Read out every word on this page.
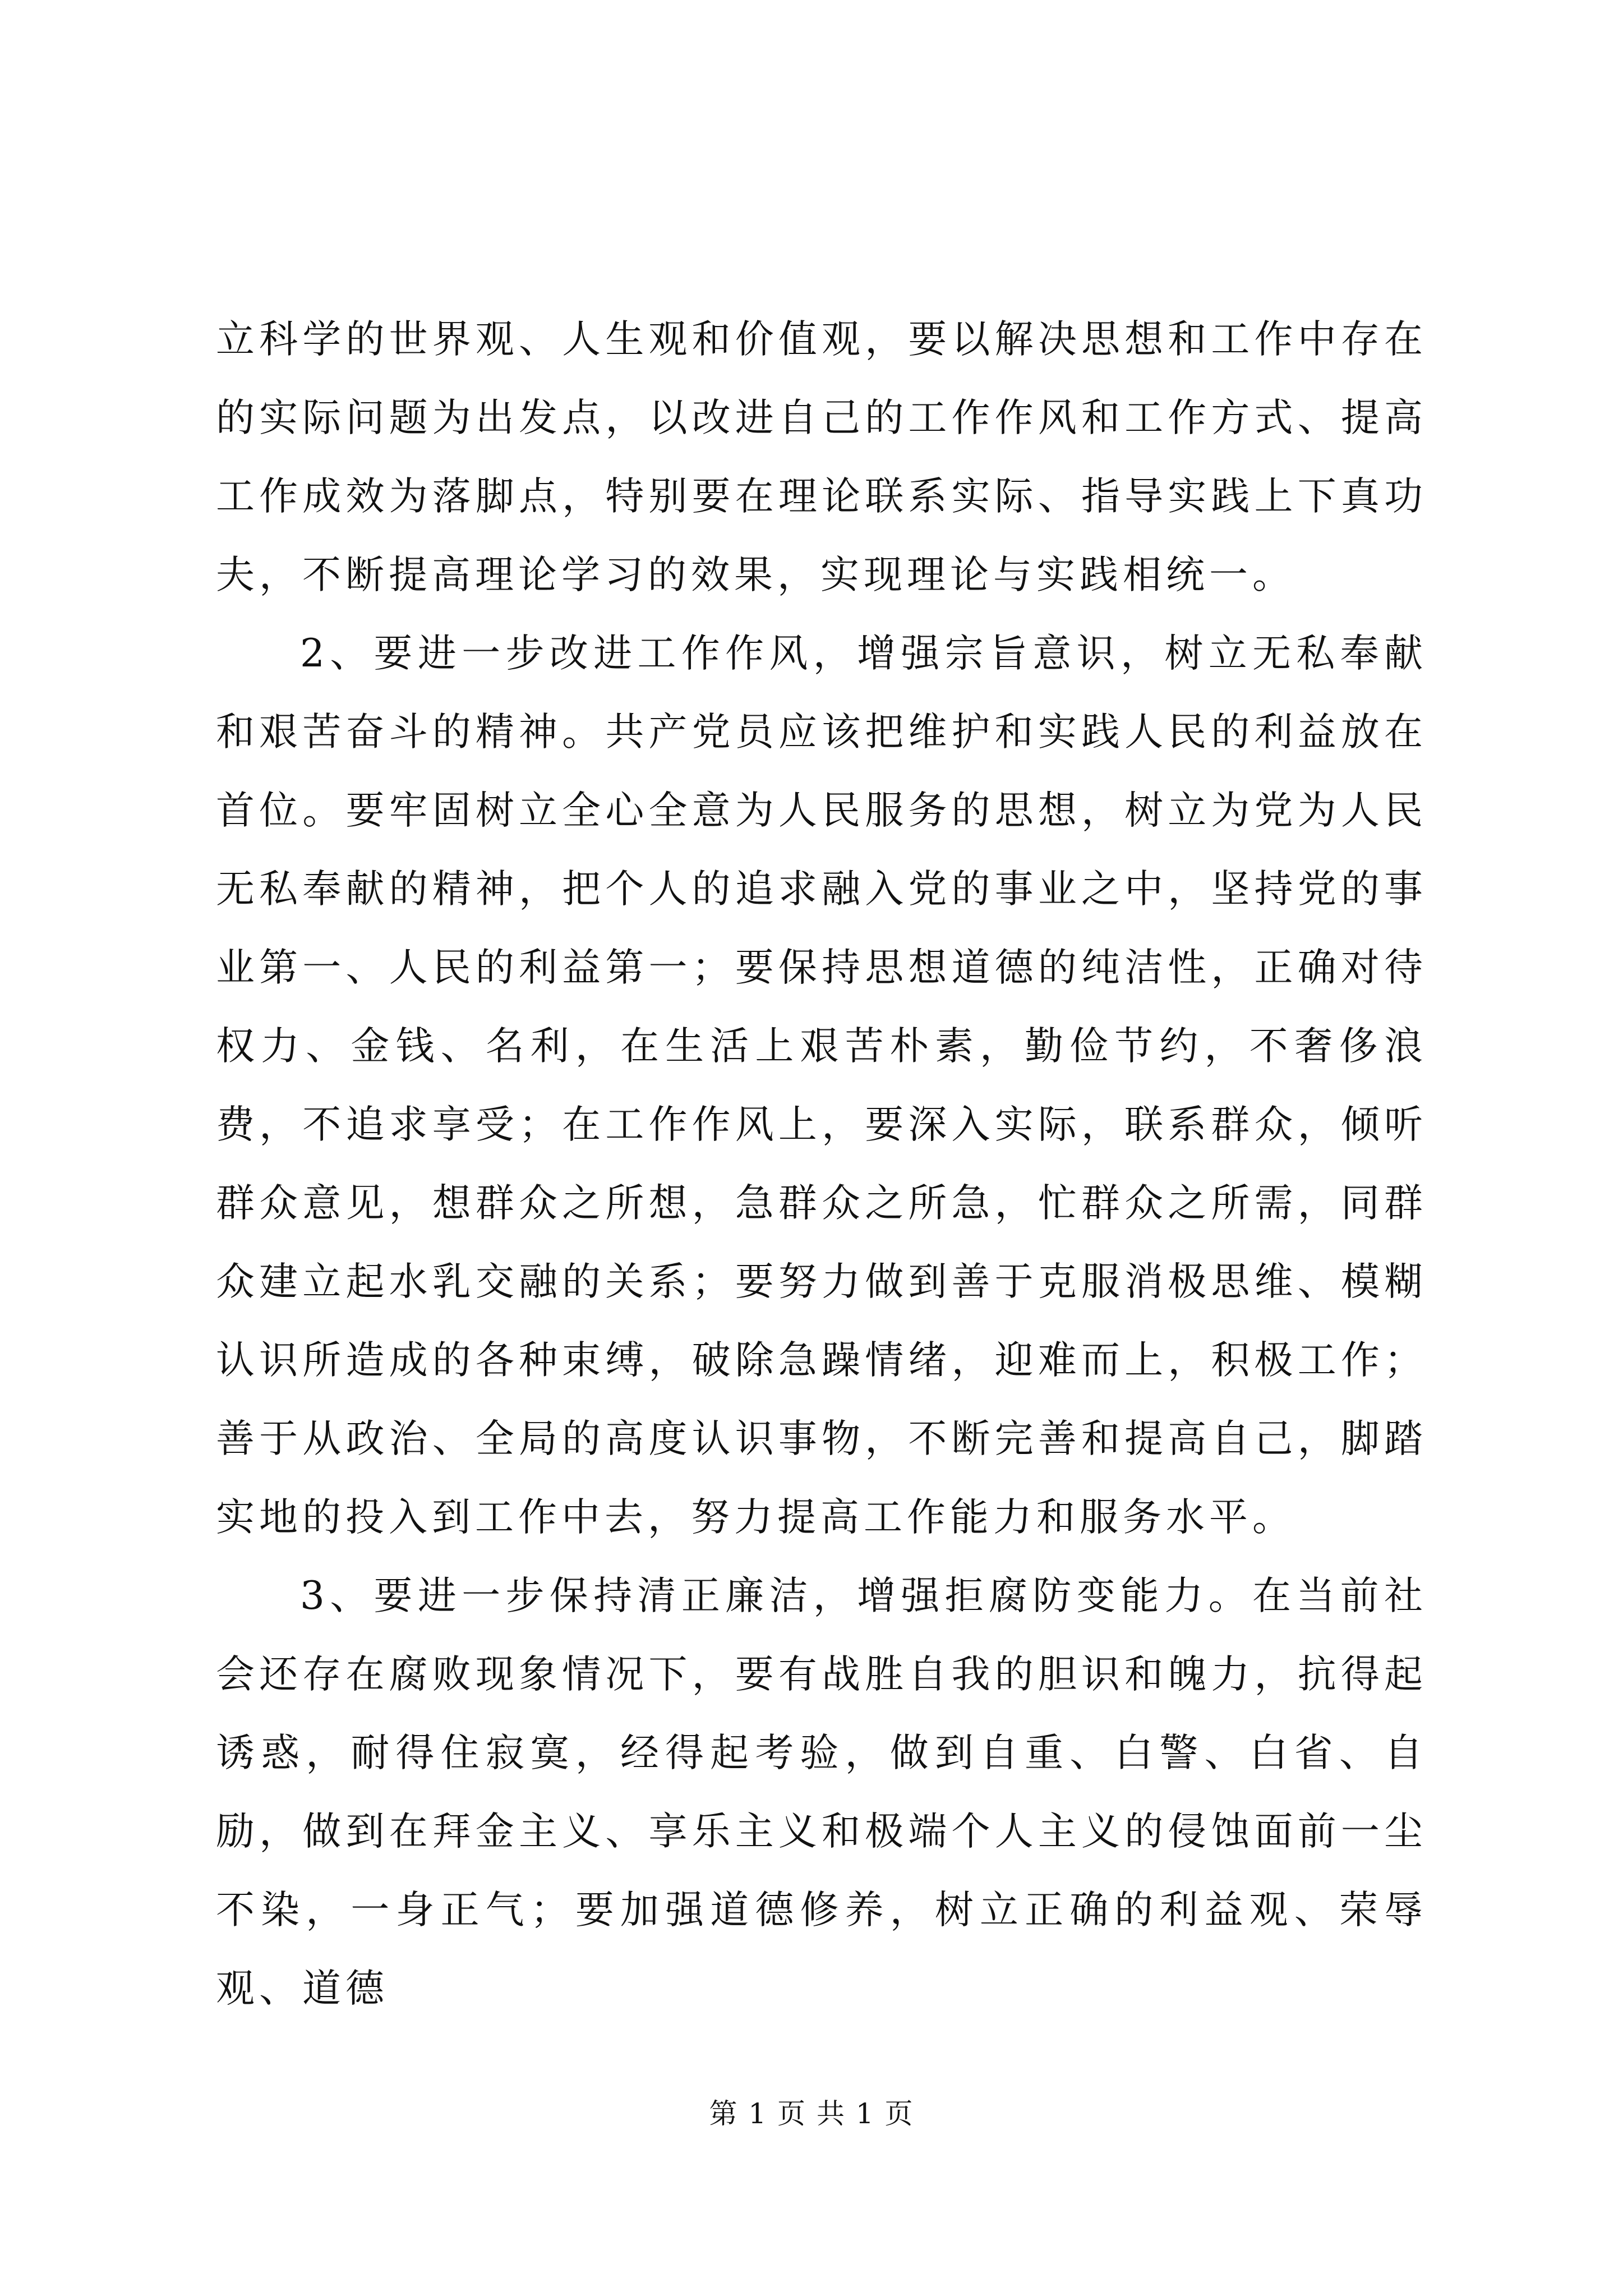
立科学的世界观、人生观和价值观，要以解决思想和工作中存在的实际问题为出发点，以改进自己的工作作风和工作方式、提高工作成效为落脚点，特别要在理论联系实际、指导实践上下真功夫，不断提高理论学习的效果，实现理论与实践相统一。

2、要进一步改进工作作风，增强宗旨意识，树立无私奉献和艰苦奋斗的精神。共产党员应该把维护和实践人民的利益放在首位。要牢固树立全心全意为人民服务的思想，树立为党为人民无私奉献的精神，把个人的追求融入党的事业之中，坚持党的事业第一、人民的利益第一；要保持思想道德的纯洁性，正确对待权力、金钱、名利，在生活上艰苦朴素，勤俭节约，不奢侈浪费，不追求享受；在工作作风上，要深入实际，联系群众，倾听群众意见，想群众之所想，急群众之所急，忙群众之所需，同群众建立起水乳交融的关系；要努力做到善于克服消极思维、模糊认识所造成的各种束缚，破除急躁情绪，迎难而上，积极工作；善于从政治、全局的高度认识事物，不断完善和提高自己，脚踏实地的投入到工作中去，努力提高工作能力和服务水平。

3、要进一步保持清正廉洁，增强拒腐防变能力。在当前社会还存在腐败现象情况下，要有战胜自我的胆识和魄力，抗得起诱惑，耐得住寂寞，经得起考验，做到自重、白警、白省、自励，做到在拜金主义、享乐主义和极端个人主义的侵蚀面前一尘不染，一身正气；要加强道德修养，树立正确的利益观、荣辱观、道德

第 1 页 共 1 页
